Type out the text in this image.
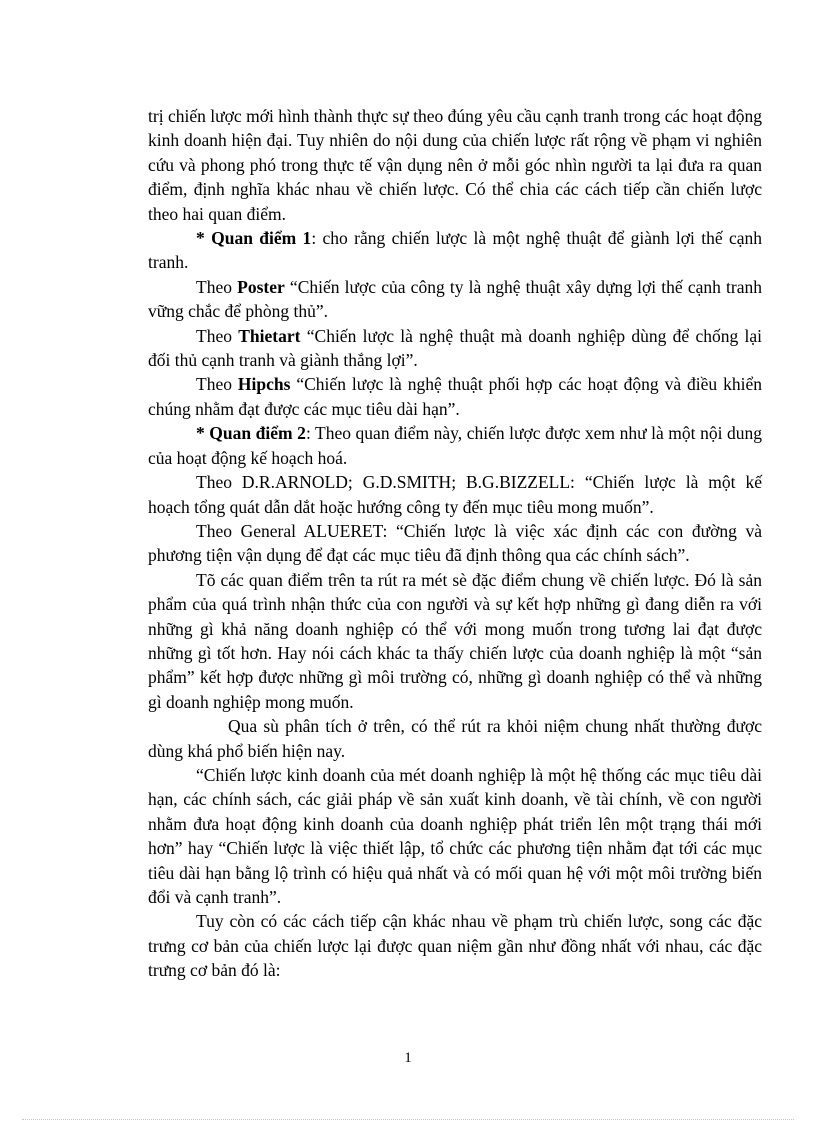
trị chiến lược mới hình thành thực sự theo đúng yêu cầu cạnh tranh trong các hoạt động kinh doanh hiện đại. Tuy nhiên do nội dung của chiến lược rất rộng về phạm vi nghiên cứu và phong phó trong thực tế vận dụng nên ở mỗi góc nhìn người ta lại đưa ra quan điểm, định nghĩa khác nhau về chiến lược. Có thể chia các cách tiếp cần chiến lược theo hai quan điểm.

* Quan điểm 1: cho rằng chiến lược là một nghệ thuật để giành lợi thế cạnh tranh.

Theo Poster “Chiến lược của công ty là nghệ thuật xây dựng lợi thế cạnh tranh vững chắc để phòng thủ”.

Theo Thietart “Chiến lược là nghệ thuật mà doanh nghiệp dùng để chống lại đối thủ cạnh tranh và giành thắng lợi”.

Theo Hipchs “Chiến lược là nghệ thuật phối hợp các hoạt động và điều khiển chúng nhằm đạt được các mục tiêu dài hạn”.

* Quan điểm 2: Theo quan điểm này, chiến lược được xem như là một nội dung của hoạt động kế hoạch hoá.

Theo D.R.ARNOLD; G.D.SMITH; B.G.BIZZELL: “Chiến lược là một kế hoạch tổng quát dẫn dắt hoặc hướng công ty đến mục tiêu mong muốn”.

Theo General ALUERET: “Chiến lược là việc xác định các con đường và phương tiện vận dụng để đạt các mục tiêu đã định thông qua các chính sách”.

Tõ các quan điểm trên ta rút ra mét sè đặc điểm chung về chiến lược. Đó là sản phẩm của quá trình nhận thức của con người và sự kết hợp những gì đang diễn ra với những gì khả năng doanh nghiệp có thể với mong muốn trong tương lai đạt được những gì tốt hơn. Hay nói cách khác ta thấy chiến lược của doanh nghiệp là một “sản phẩm” kết hợp được những gì môi trường có, những gì doanh nghiệp có thể và những gì doanh nghiệp mong muốn.

Qua sù phân tích ở trên, có thể rút ra khỏi niệm chung nhất thường được dùng khá phổ biến hiện nay.

“Chiến lược kinh doanh của mét doanh nghiệp là một hệ thống các mục tiêu dài hạn, các chính sách, các giải pháp về sản xuất kinh doanh, về tài chính, về con người nhằm đưa hoạt động kinh doanh của doanh nghiệp phát triển lên một trạng thái mới hơn” hay “Chiến lược là việc thiết lập, tổ chức các phương tiện nhằm đạt tới các mục tiêu dài hạn bằng lộ trình có hiệu quả nhất và có mối quan hệ với một môi trường biến đổi và cạnh tranh”.

Tuy còn có các cách tiếp cận khác nhau về phạm trù chiến lược, song các đặc trưng cơ bản của chiến lược lại được quan niệm gần như đồng nhất với nhau, các đặc trưng cơ bản đó là:

1
